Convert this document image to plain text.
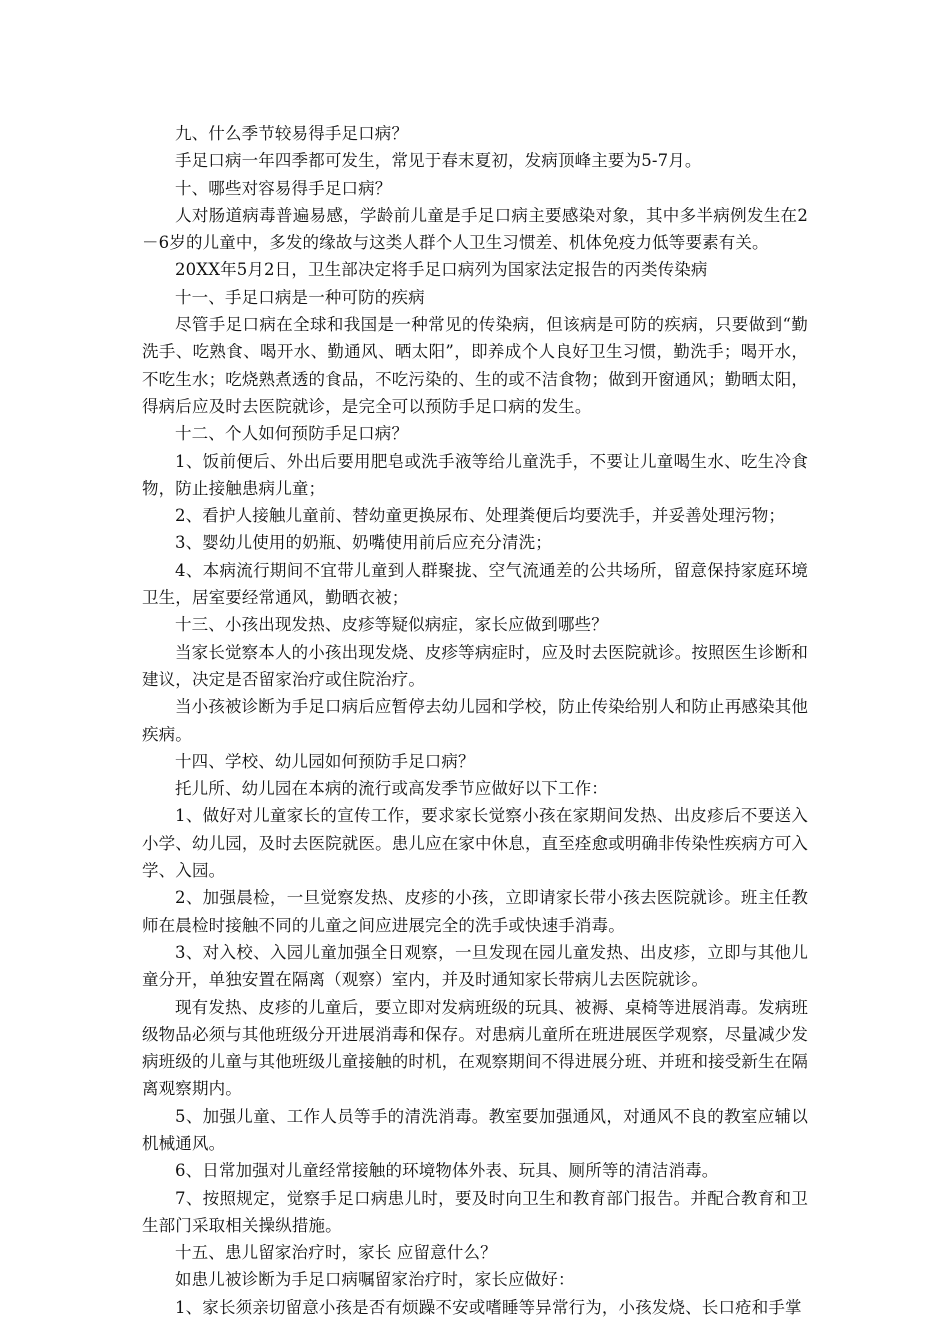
九、什么季节较易得手足口病？

手足口病一年四季都可发生，常见于春末夏初，发病顶峰主要为5-7月。

十、哪些对容易得手足口病？

人对肠道病毒普遍易感，学龄前儿童是手足口病主要感染对象，其中多半病例发生在2－6岁的儿童中，多发的缘故与这类人群个人卫生习惯差、机体免疫力低等要素有关。

20XX年5月2日，卫生部决定将手足口病列为国家法定报告的丙类传染病

十一、手足口病是一种可防的疾病

尽管手足口病在全球和我国是一种常见的传染病，但该病是可防的疾病，只要做到“勤洗手、吃熟食、喝开水、勤通风、晒太阳”，即养成个人良好卫生习惯，勤洗手；喝开水，不吃生水；吃烧熟煮透的食品，不吃污染的、生的或不洁食物；做到开窗通风；勤晒太阳，得病后应及时去医院就诊，是完全可以预防手足口病的发生。

十二、个人如何预防手足口病？

1、饭前便后、外出后要用肥皂或洗手液等给儿童洗手，不要让儿童喝生水、吃生冷食物，防止接触患病儿童；

2、看护人接触儿童前、替幼童更换尿布、处理粪便后均要洗手，并妥善处理污物；

3、婴幼儿使用的奶瓶、奶嘴使用前后应充分清洗；

4、本病流行期间不宜带儿童到人群聚拢、空气流通差的公共场所，留意保持家庭环境卫生，居室要经常通风，勤晒衣被；

十三、小孩出现发热、皮疹等疑似病症，家长应做到哪些？

当家长觉察本人的小孩出现发烧、皮疹等病症时，应及时去医院就诊。按照医生诊断和建议，决定是否留家治疗或住院治疗。

当小孩被诊断为手足口病后应暂停去幼儿园和学校，防止传染给别人和防止再感染其他疾病。

十四、学校、幼儿园如何预防手足口病？

托儿所、幼儿园在本病的流行或高发季节应做好以下工作：

1、做好对儿童家长的宣传工作，要求家长觉察小孩在家期间发热、出皮疹后不要送入小学、幼儿园，及时去医院就医。患儿应在家中休息，直至痊愈或明确非传染性疾病方可入学、入园。

2、加强晨检，一旦觉察发热、皮疹的小孩，立即请家长带小孩去医院就诊。班主任教师在晨检时接触不同的儿童之间应进展完全的洗手或快速手消毒。

3、对入校、入园儿童加强全日观察，一旦发现在园儿童发热、出皮疹，立即与其他儿童分开，单独安置在隔离（观察）室内，并及时通知家长带病儿去医院就诊。

现有发热、皮疹的儿童后，要立即对发病班级的玩具、被褥、桌椅等进展消毒。发病班级物品必须与其他班级分开进展消毒和保存。对患病儿童所在班进展医学观察，尽量减少发病班级的儿童与其他班级儿童接触的时机，在观察期间不得进展分班、并班和接受新生在隔离观察期内。

5、加强儿童、工作人员等手的清洗消毒。教室要加强通风，对通风不良的教室应辅以机械通风。

6、日常加强对儿童经常接触的环境物体外表、玩具、厕所等的清洁消毒。

7、按照规定，觉察手足口病患儿时，要及时向卫生和教育部门报告。并配合教育和卫生部门采取相关操纵措施。

十五、患儿留家治疗时，家长 应留意什么？

如患儿被诊断为手足口病嘱留家治疗时，家长应做好：

1、家长须亲切留意小孩是否有烦躁不安或嗜睡等异常行为，小孩发烧、长口疮和手掌
